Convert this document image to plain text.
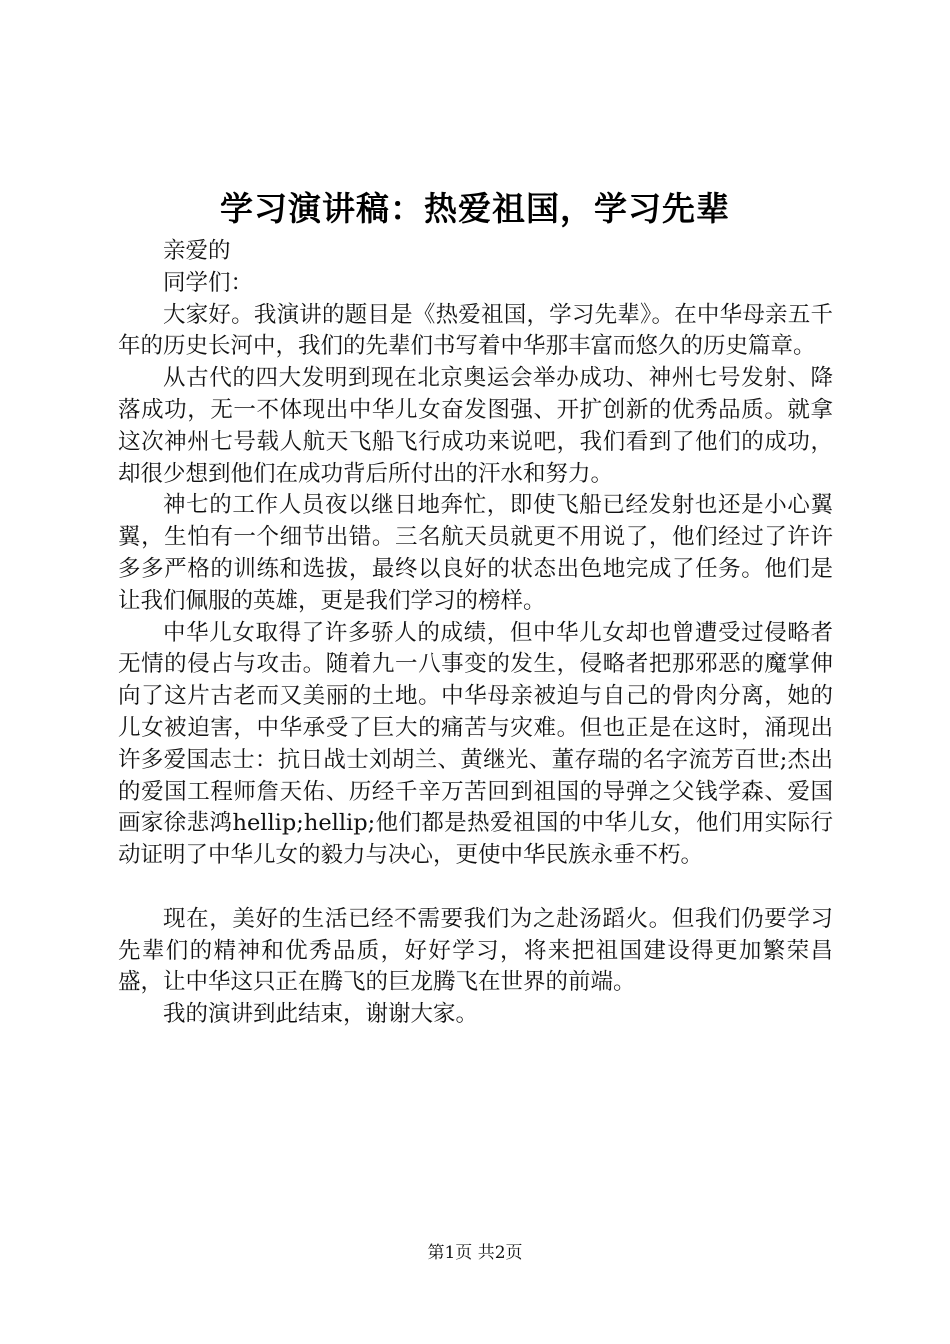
学习演讲稿：热爱祖国，学习先辈

亲爱的

同学们：

大家好。我演讲的题目是《热爱祖国，学习先辈》。在中华母亲五千年的历史长河中，我们的先辈们书写着中华那丰富而悠久的历史篇章。

从古代的四大发明到现在北京奥运会举办成功、神州七号发射、降落成功，无一不体现出中华儿女奋发图强、开扩创新的优秀品质。就拿这次神州七号载人航天飞船飞行成功来说吧，我们看到了他们的成功，却很少想到他们在成功背后所付出的汗水和努力。

神七的工作人员夜以继日地奔忙，即使飞船已经发射也还是小心翼翼，生怕有一个细节出错。三名航天员就更不用说了，他们经过了许许多多严格的训练和选拔，最终以良好的状态出色地完成了任务。他们是让我们佩服的英雄，更是我们学习的榜样。

中华儿女取得了许多骄人的成绩，但中华儿女却也曾遭受过侵略者无情的侵占与攻击。随着九一八事变的发生，侵略者把那邪恶的魔掌伸向了这片古老而又美丽的土地。中华母亲被迫与自己的骨肉分离，她的儿女被迫害，中华承受了巨大的痛苦与灾难。但也正是在这时，涌现出许多爱国志士：抗日战士刘胡兰、黄继光、董存瑞的名字流芳百世;杰出的爱国工程师詹天佑、历经千辛万苦回到祖国的导弹之父钱学森、爱国画家徐悲鸿hellip;hellip;他们都是热爱祖国的中华儿女，他们用实际行动证明了中华儿女的毅力与决心，更使中华民族永垂不朽。

现在，美好的生活已经不需要我们为之赴汤蹈火。但我们仍要学习先辈们的精神和优秀品质，好好学习，将来把祖国建设得更加繁荣昌盛，让中华这只正在腾飞的巨龙腾飞在世界的前端。

我的演讲到此结束，谢谢大家。

第1页 共2页
